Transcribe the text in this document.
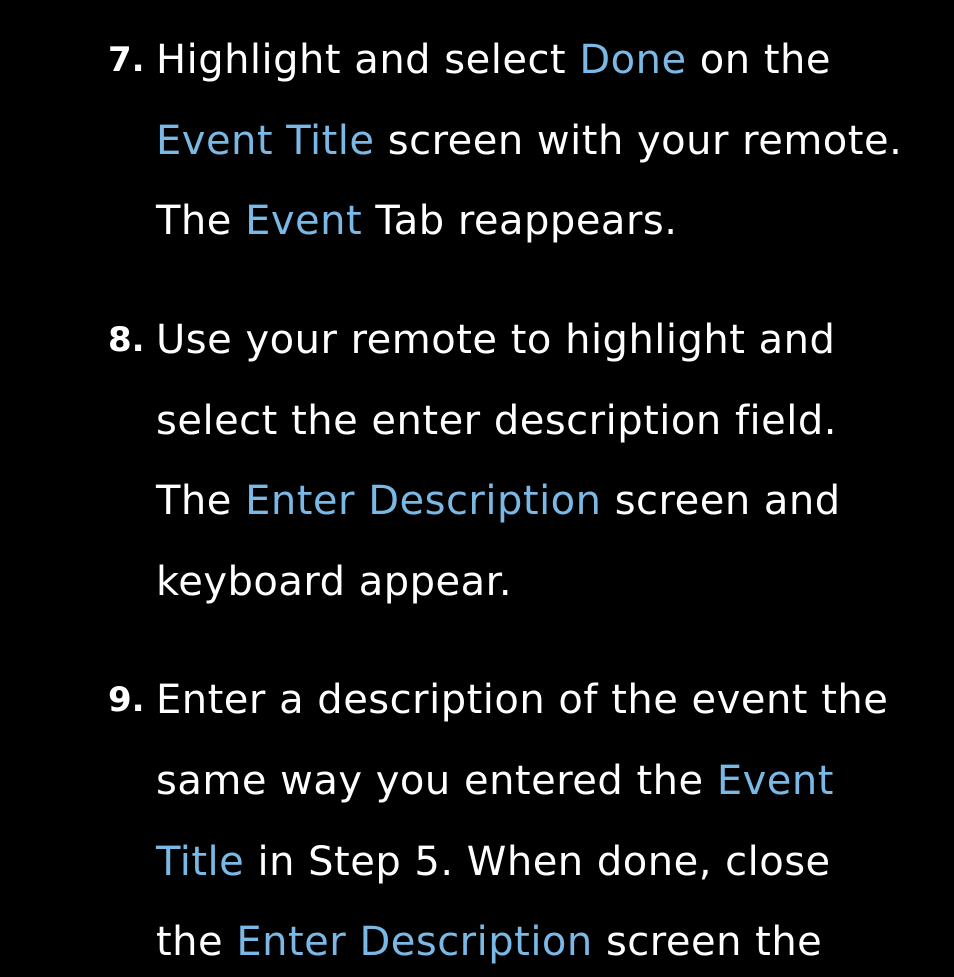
7. Highlight and select Done on the
Event Title screen with your remote.
The Event Tab reappears.
8. Use your remote to highlight and
select the enter description field.
The Enter Description screen and
keyboard appear.
9. Enter a description of the event the
same way you entered the Event
Title in Step 5. When done, close
the Enter Description screen the
